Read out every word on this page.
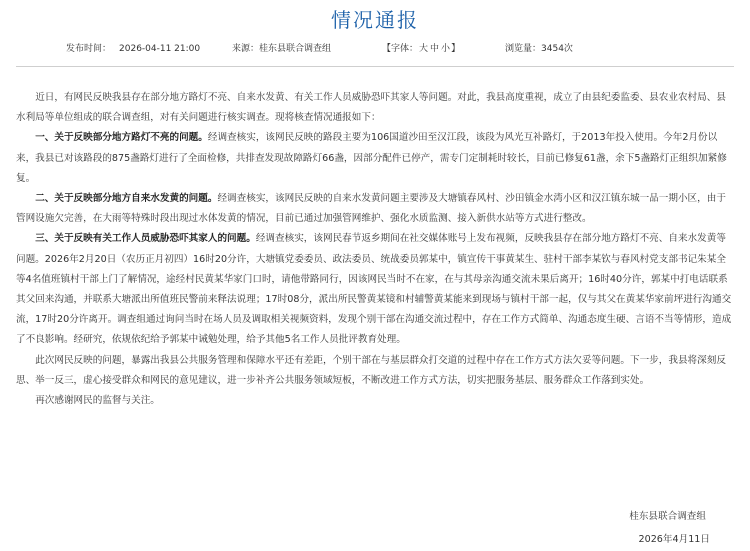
情况通报
发布时间： 2026-04-11 21:00	来源：桂东县联合调查组	【字体：大 中 小】	浏览量：3454次

近日，有网民反映我县存在部分地方路灯不亮、自来水发黄、有关工作人员威胁恐吓其家人等问题。对此，我县高度重视，成立了由县纪委监委、县农业农村局、县水利局等单位组成的联合调查组，对有关问题进行核实调查。现将核查情况通报如下：

一、关于反映部分地方路灯不亮的问题。经调查核实，该网民反映的路段主要为106国道沙田至汉江段，该段为风光互补路灯，于2013年投入使用。今年2月份以来，我县已对该路段的875盏路灯进行了全面检修，共排查发现故障路灯66盏，因部分配件已停产，需专门定制耗时较长，目前已修复61盏，余下5盏路灯正组织加紧修复。

二、关于反映部分地方自来水发黄的问题。经调查核实，该网民反映的自来水发黄问题主要涉及大塘镇春风村、沙田镇金水湾小区和汉江镇东城一品一期小区，由于管网设施欠完善，在大雨等特殊时段出现过水体发黄的情况，目前已通过加强管网维护、强化水质监测、接入新供水站等方式进行整改。

三、关于反映有关工作人员威胁恐吓其家人的问题。经调查核实，该网民春节返乡期间在社交媒体账号上发布视频，反映我县存在部分地方路灯不亮、自来水发黄等问题。2026年2月20日（农历正月初四）16时20分许，大塘镇党委委员、政法委员、统战委员郭某中，镇宣传干事黄某生、驻村干部李某钦与春风村党支部书记朱某全等4名值班镇村干部上门了解情况，途经村民黄某华家门口时，请他带路同行，因该网民当时不在家，在与其母亲沟通交流未果后离开；16时40分许，郭某中打电话联系其父回来沟通，并联系大塘派出所值班民警前来释法说理；17时08分，派出所民警黄某镜和村辅警黄某能来到现场与镇村干部一起，仅与其父在黄某华家前坪进行沟通交流，17时20分许离开。调查组通过询问当时在场人员及调取相关视频资料，发现个别干部在沟通交流过程中，存在工作方式简单、沟通态度生硬、言语不当等情形，造成了不良影响。经研究，依规依纪给予郭某中诫勉处理，给予其他5名工作人员批评教育处理。

此次网民反映的问题，暴露出我县公共服务管理和保障水平还有差距，个别干部在与基层群众打交道的过程中存在工作方式方法欠妥等问题。下一步，我县将深刻反思、举一反三，虚心接受群众和网民的意见建议，进一步补齐公共服务领域短板，不断改进工作方式方法，切实把服务基层、服务群众工作落到实处。

再次感谢网民的监督与关注。

桂东县联合调查组
2026年4月11日
